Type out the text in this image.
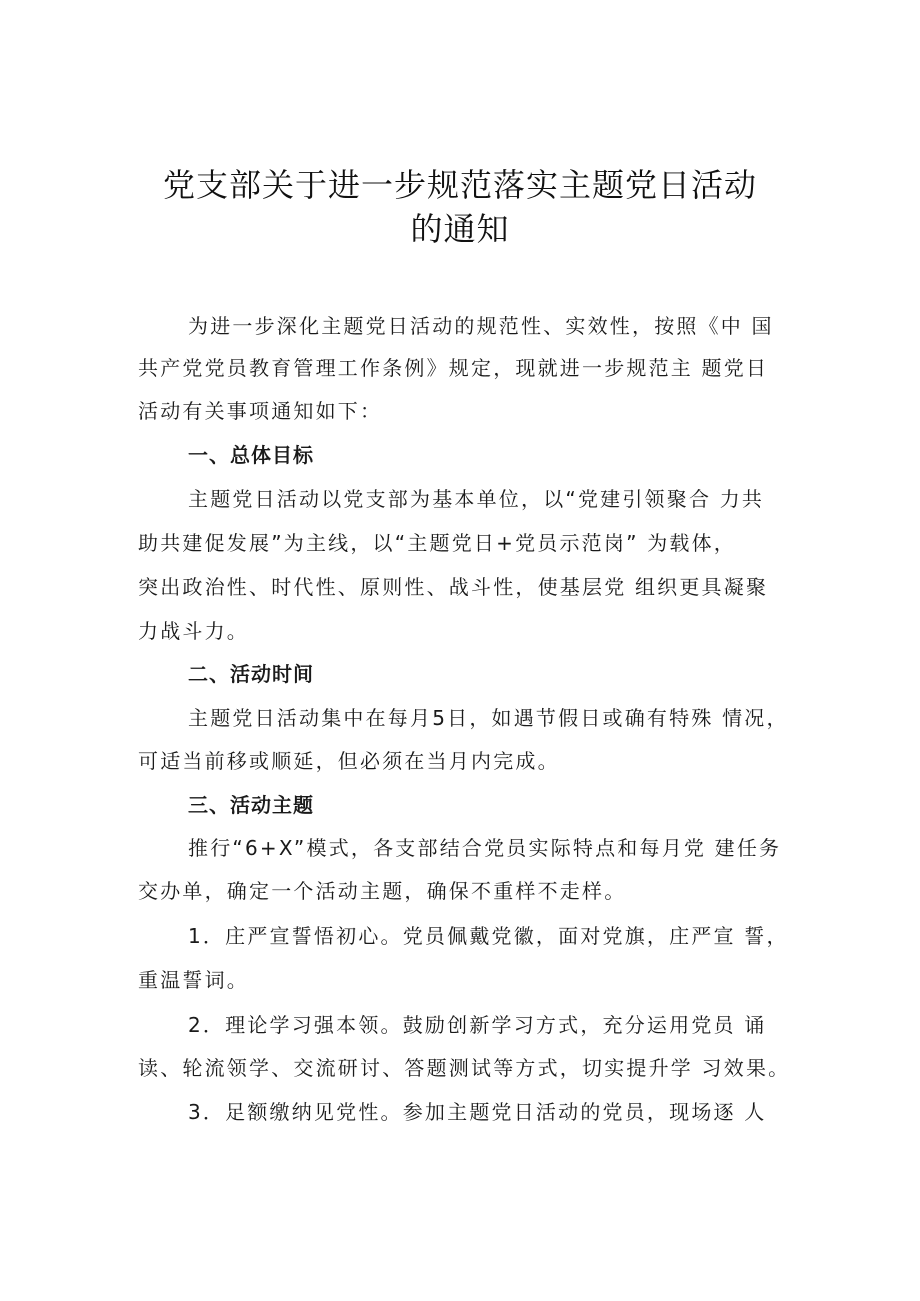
党支部关于进一步规范落实主题党日活动
的通知

为进一步深化主题党日活动的规范性、实效性，按照《中 国

共产党党员教育管理工作条例》规定，现就进一步规范主 题党日

活动有关事项通知如下：

一、总体目标

主题党日活动以党支部为基本单位，以“党建引领聚合 力共

助共建促发展”为主线，以“主题党日+党员示范岗” 为载体，

突出政治性、时代性、原则性、战斗性，使基层党 组织更具凝聚

力战斗力。

二、活动时间

主题党日活动集中在每月5日，如遇节假日或确有特殊 情况，

可适当前移或顺延，但必须在当月内完成。

三、活动主题

推行“6+X”模式，各支部结合党员实际特点和每月党 建任务

交办单，确定一个活动主题，确保不重样不走样。

1．庄严宣誓悟初心。党员佩戴党徽，面对党旗，庄严宣 誓，

重温誓词。

2．理论学习强本领。鼓励创新学习方式，充分运用党员 诵

读、轮流领学、交流研讨、答题测试等方式，切实提升学 习效果。

3．足额缴纳见党性。参加主题党日活动的党员，现场逐 人
